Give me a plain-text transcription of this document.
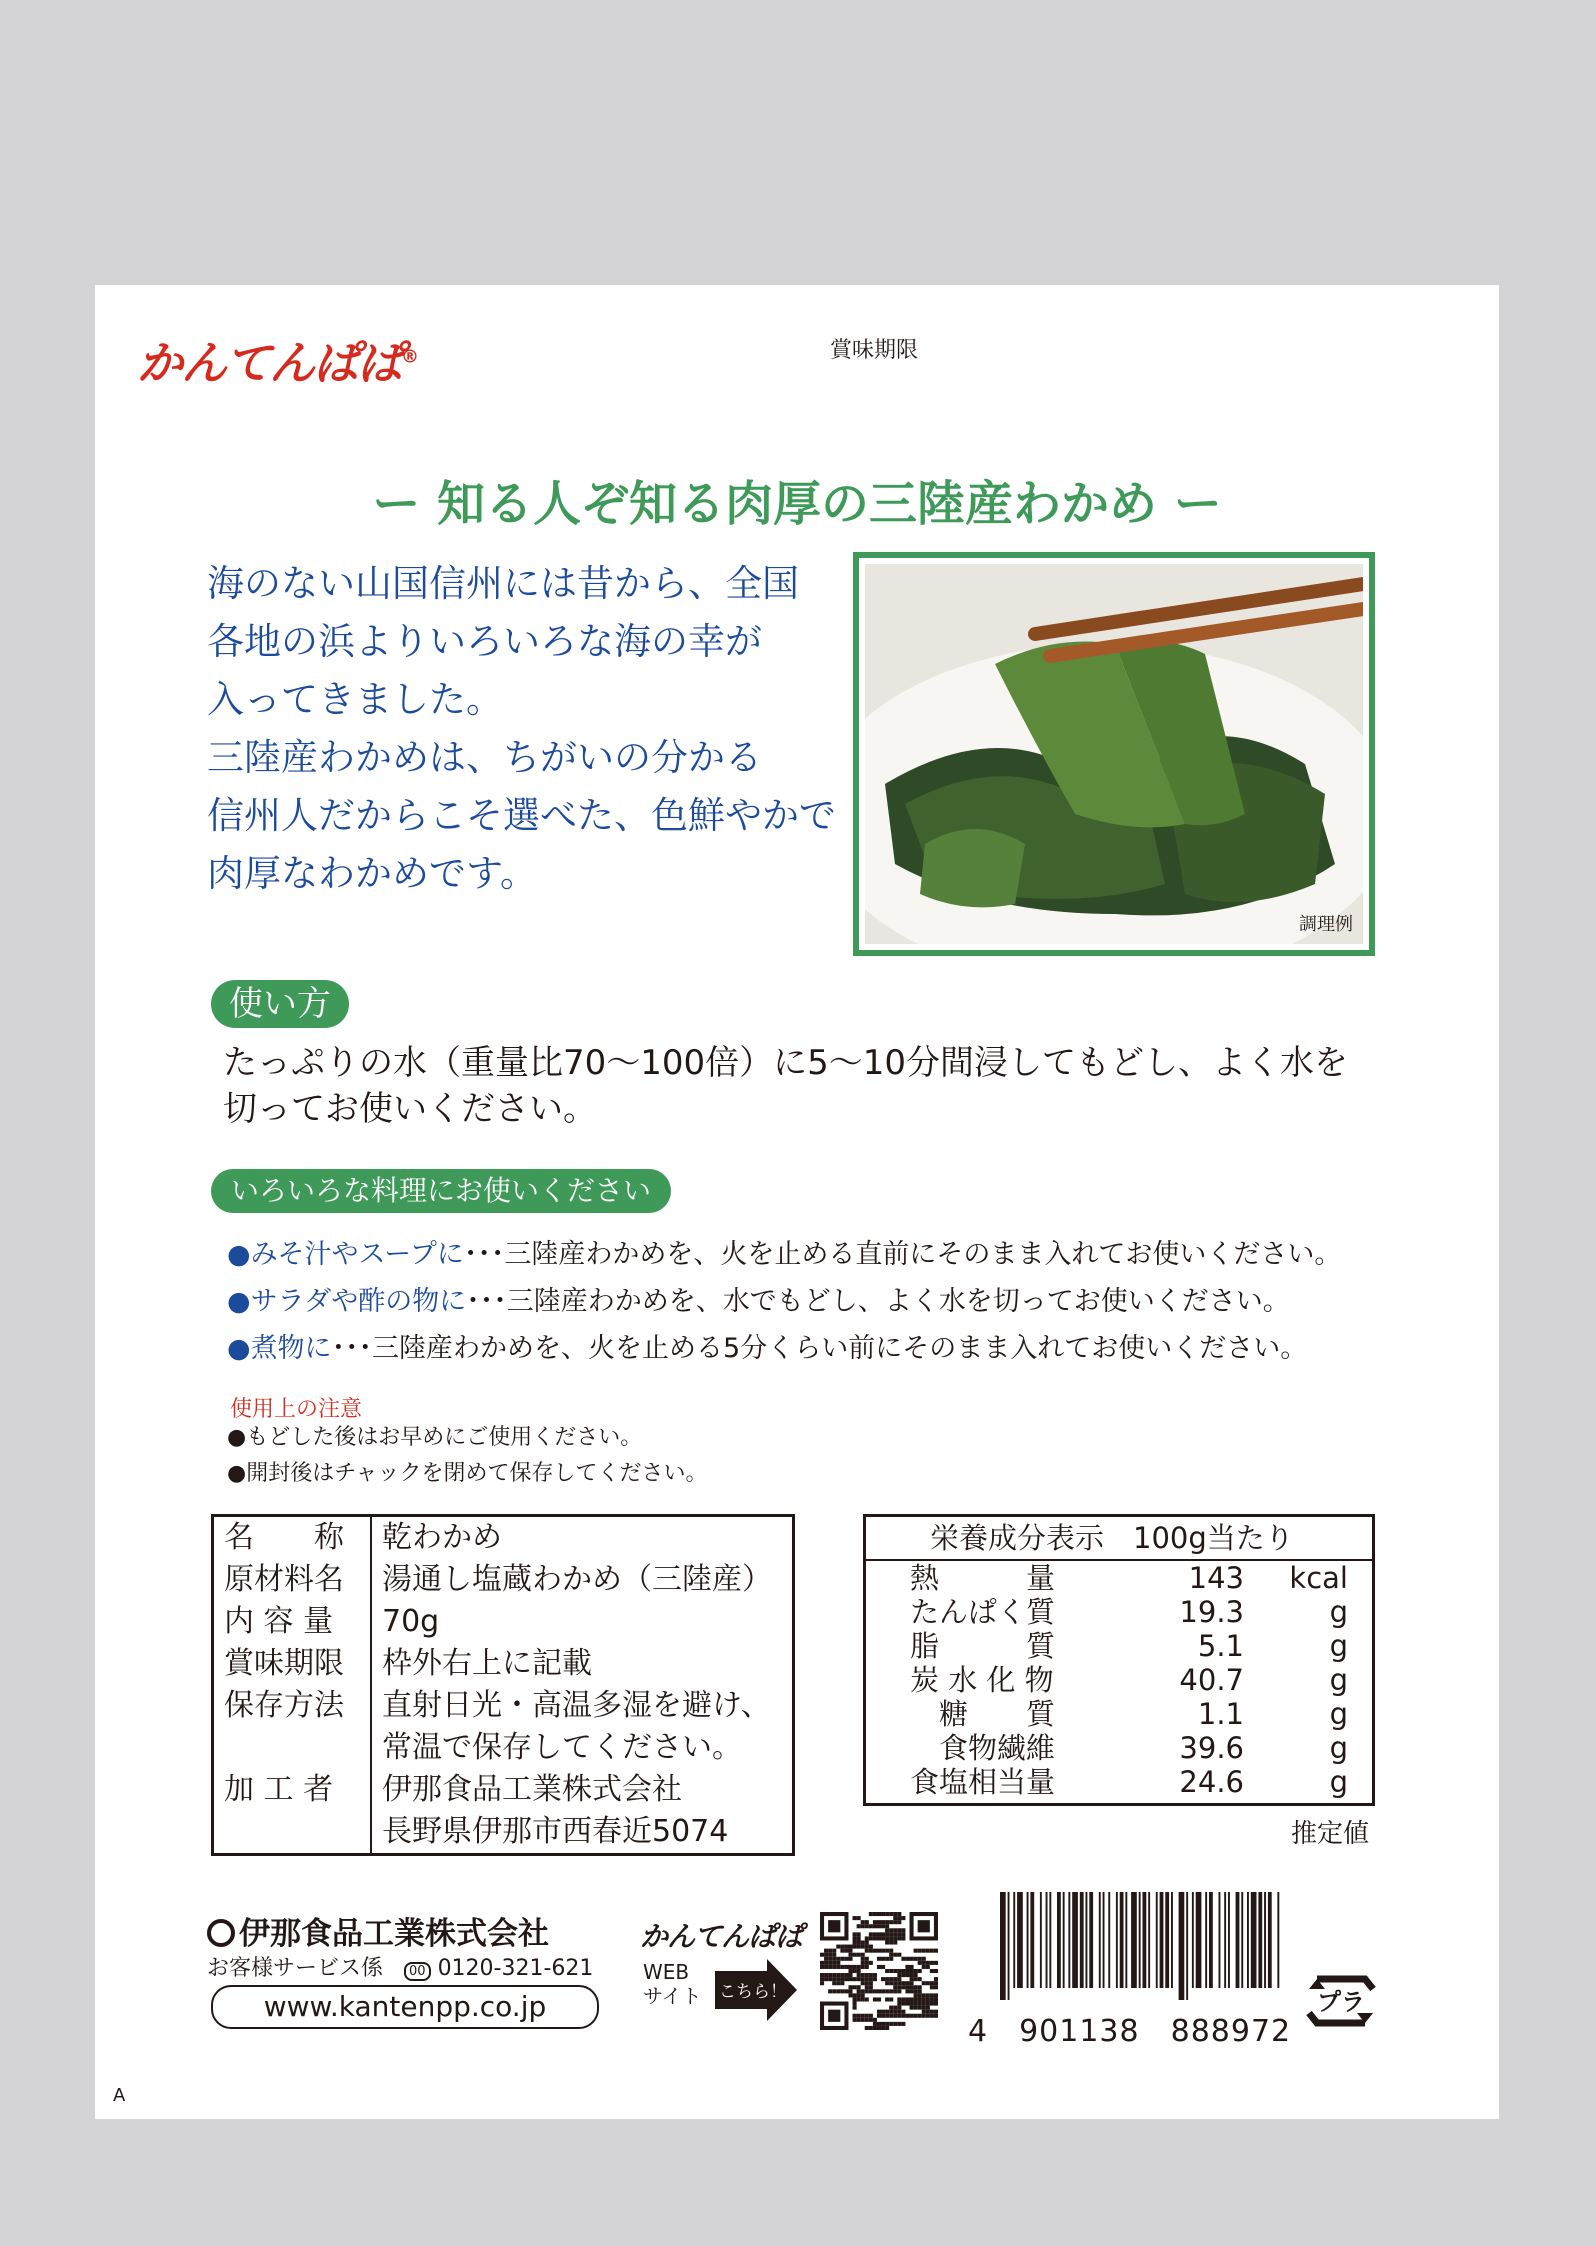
かんてんぱぱ®	賞味期限
ー 知る人ぞ知る肉厚の三陸産わかめ ー
海のない山国信州には昔から、全国
各地の浜よりいろいろな海の幸が
入ってきました。
三陸産わかめは、ちがいの分かる
信州人だからこそ選べた、色鮮やかで
肉厚なわかめです。
調理例
使い方
たっぷりの水（重量比70〜100倍）に5〜10分間浸してもどし、よく水を
切ってお使いください。
いろいろな料理にお使いください
●みそ汁やスープに･･･三陸産わかめを、火を止める直前にそのまま入れてお使いください。
●サラダや酢の物に･･･三陸産わかめを、水でもどし、よく水を切ってお使いください。
●煮物に･･･三陸産わかめを、火を止める5分くらい前にそのまま入れてお使いください。
使用上の注意
●もどした後はお早めにご使用ください。
●開封後はチャックを閉めて保存してください。
名　　称	乾わかめ
原材料名	湯通し塩蔵わかめ（三陸産）
内 容 量	70g
賞味期限	枠外右上に記載
保存方法	直射日光・高温多湿を避け、
常温で保存してください。

加 工 者	伊那食品工業株式会社
長野県伊那市西春近5074
栄養成分表示　100g当たり
熱　　　量	143	kcal
たんぱく質	19.3	g
脂　　　質	5.1	g
炭 水 化 物	40.7	g
　糖　　質	1.1	g
　食物繊維	39.6	g
食塩相当量	24.6	g
推定値
伊那食品工業株式会社
お客様サービス係 00 0120-321-621
www.kantenpp.co.jp
かんてんぱぱ
WEB
サイト こちら！
4　901138　888972
プラ
A
